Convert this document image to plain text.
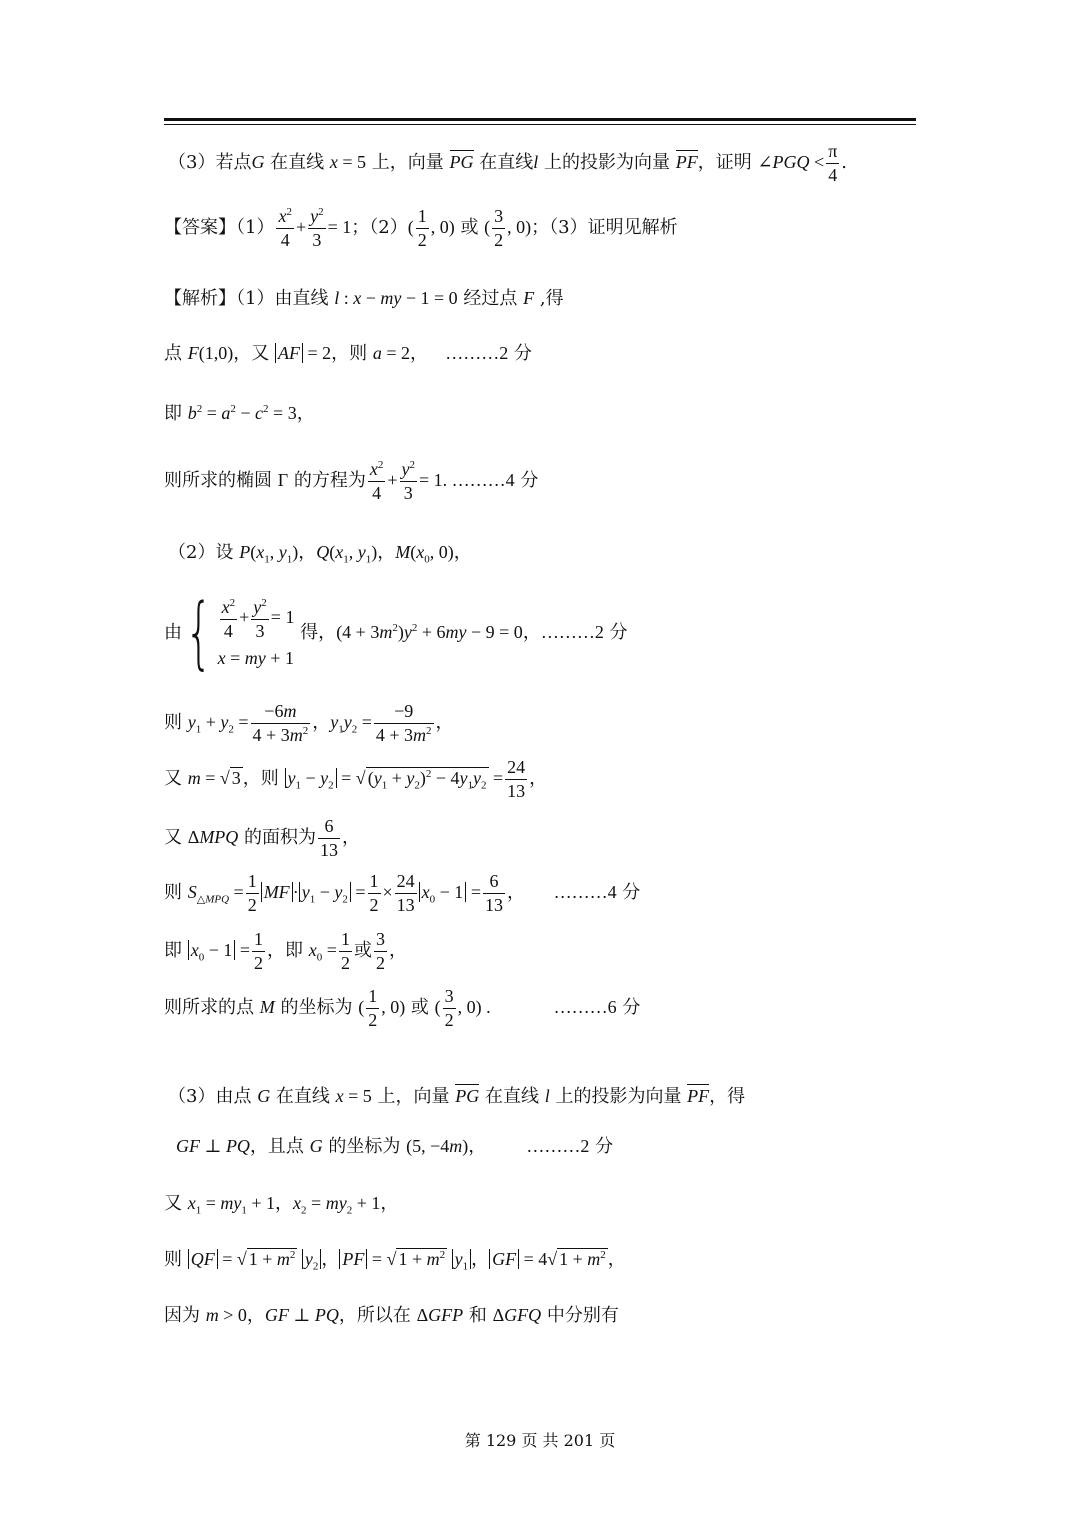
（3）若点G 在直线 x = 5 上，向量 PG 在直线l 上的投影为向量 PF，证明 ∠PGQ < $\frac{\pi}{4}$ .
【答案】$(1) \frac{x^2}{4} + \frac{y^2}{3} = 1$；$(2)( \frac{1}{2}$ , 0) 或 ( $\frac{3}{2}$ , 0)；（3）证明见解析
【解析】（1）由直线 l : x − my − 1 = 0 经过点 F ,得
点 F(1,0)，又 AF = 2，则 a = 2，   ………2 分
即 $b^2 = a^2 - c^2 = 3$，
则所求的椭圆 Γ 的方程为 $\frac{x^2}{4} + \frac{y^2}{3} = 1$. ………4 分
（2）设 $P(x_1$, $y_1$)，$Q(x_1$, $y_1$)，$M(x_0$, 0)，
由 { $\frac{x^2}{4} + \frac{y^2}{3} = 1$
x = my + 1
得，$(4 + 3m^2)y^2 + 6my - 9 = 0$，………2 分
则 $y_1 + y_2 = \frac{-6m}{4 + 3m^2}$ ，$y_1y_2 = \frac{-9}{4 + 3m^2}$ ，
又 m = √ 3 ，则 $y_1 - y_2$ = √ $(y_1 + y_2)^2 - 4y_1y_2 = \frac{24}{13}$ ，
又 ΔMPQ 的面积为 $\frac{6}{13}$ ，
则 $S_{\triangle MPQ} = \frac{1}{2}$ MF · $y_1 - y_2 = \frac{1}{2} \times \frac{24}{13} x_0 - 1 = \frac{6}{13}$ ，     ………4 分
即 $x_0 - 1 = \frac{1}{2}$ ，即 $x_0 = \frac{1}{2}$ 或 $\frac{3}{2}$ ，
则所求的点 M 的坐标为 ( $\frac{1}{2}$ , 0) 或 ( $\frac{3}{2}$ , 0) .	………6 分
（3）由点 G 在直线 x = 5 上，向量 PG 在直线 l 上的投影为向量 PF，得
GF ⊥ PQ，且点 G 的坐标为 (5, −4m)，       ………2 分
又 $x_1 = my_1 + 1$，$x_2 = my_2 + 1$，
则 QF = √ $1 + m^2$ $y_2$ ， PF = √ $1 + m^2$ $y_1$ ， GF = 4√ $1 + m^2$ ，
因为 m > 0，GF ⊥ PQ，所以在 ΔGFP 和 ΔGFQ 中分别有
第 129 页 共 201 页
